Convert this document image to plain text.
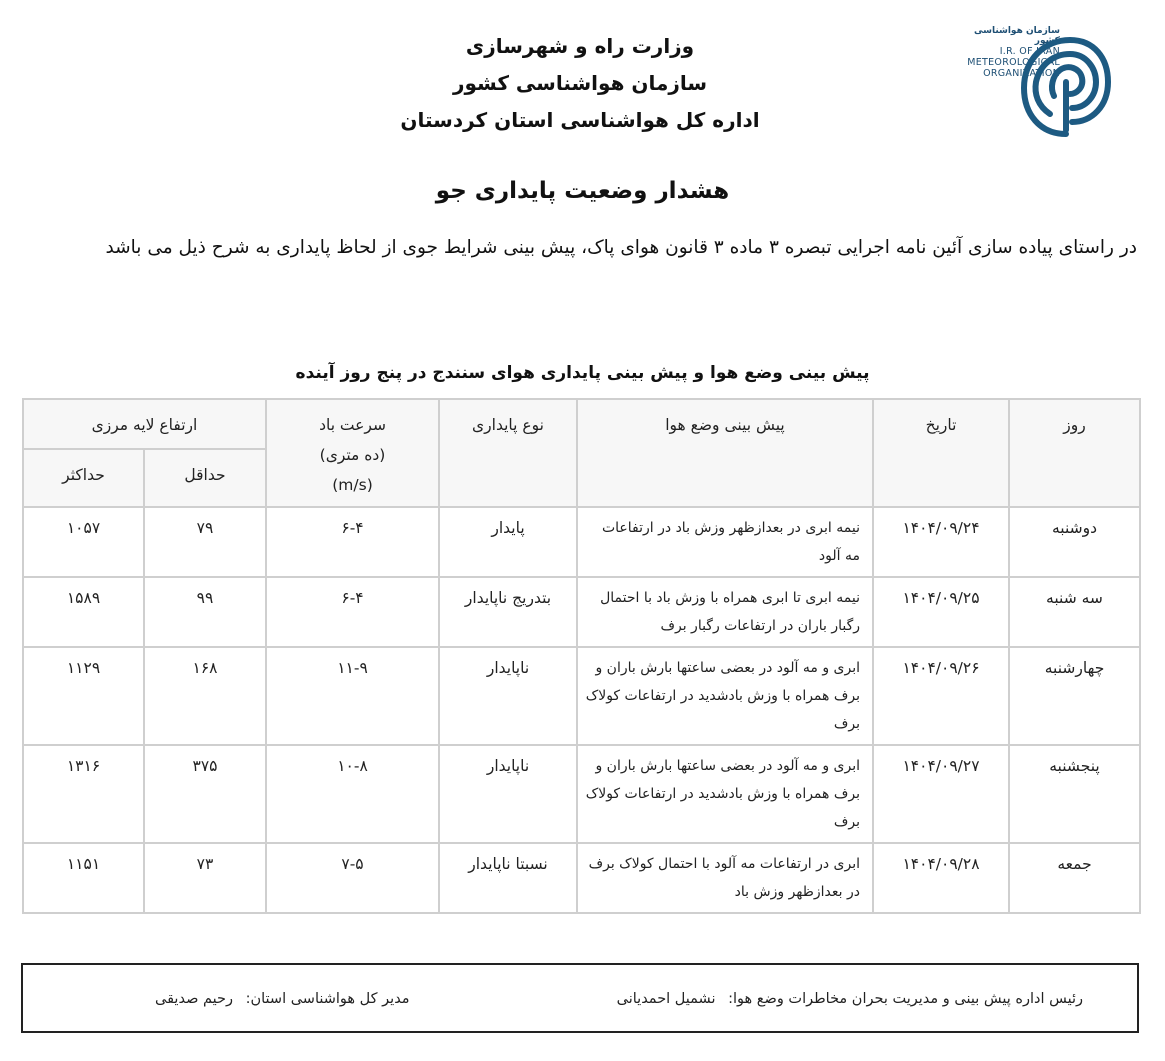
وزارت راه و شهرسازی
سازمان هواشناسی کشور
اداره کل هواشناسی استان کردستان
سازمان هواشناسی کشور
I.R. OF IRAN
METEOROLOGICAL
ORGANIZATION
هشدار وضعیت پایداری جو
در راستای پیاده سازی آئین نامه اجرایی تبصره ۳ ماده ۳ قانون هوای پاک، پیش بینی شرایط جوی از لحاظ پایداری به شرح ذیل می باشد
پیش بینی وضع هوا و پیش بینی پایداری هوای سنندج در پنج روز آینده
روز	تاریخ	پیش بینی وضع هوا	نوع پایداری	سرعت باد
(ده متری)
(m/s)	ارتفاع لایه مرزی	
					حداقل	حداکثر
دوشنبه	۱۴۰۴/۰۹/۲۴	نیمه ابری در بعدازظهر وزش باد در ارتفاعات مه آلود	پایدار	۶-۴	۷۹	۱۰۵۷
سه شنبه	۱۴۰۴/۰۹/۲۵	نیمه ابری تا ابری همراه با وزش باد با احتمال رگبار باران در ارتفاعات رگبار برف	بتدریج ناپایدار	۶-۴	۹۹	۱۵۸۹
چهارشنبه	۱۴۰۴/۰۹/۲۶	ابری و مه آلود در بعضی ساعتها بارش باران و برف همراه با وزش بادشدید در ارتفاعات کولاک برف	ناپایدار	۱۱-۹	۱۶۸	۱۱۲۹
پنجشنبه	۱۴۰۴/۰۹/۲۷	ابری و مه آلود در بعضی ساعتها بارش باران و برف همراه با وزش بادشدید در ارتفاعات کولاک برف	ناپایدار	۱۰-۸	۳۷۵	۱۳۱۶
جمعه	۱۴۰۴/۰۹/۲۸	ابری در ارتفاعات مه آلود با احتمال کولاک برف در بعدازظهر وزش باد	نسبتا ناپایدار	۷-۵	۷۳	۱۱۵۱
رئیس اداره پیش بینی و مدیریت بحران مخاطرات وضع هوا: نشمیل احمدیانی
مدیر کل هواشناسی استان: رحیم صدیقی
